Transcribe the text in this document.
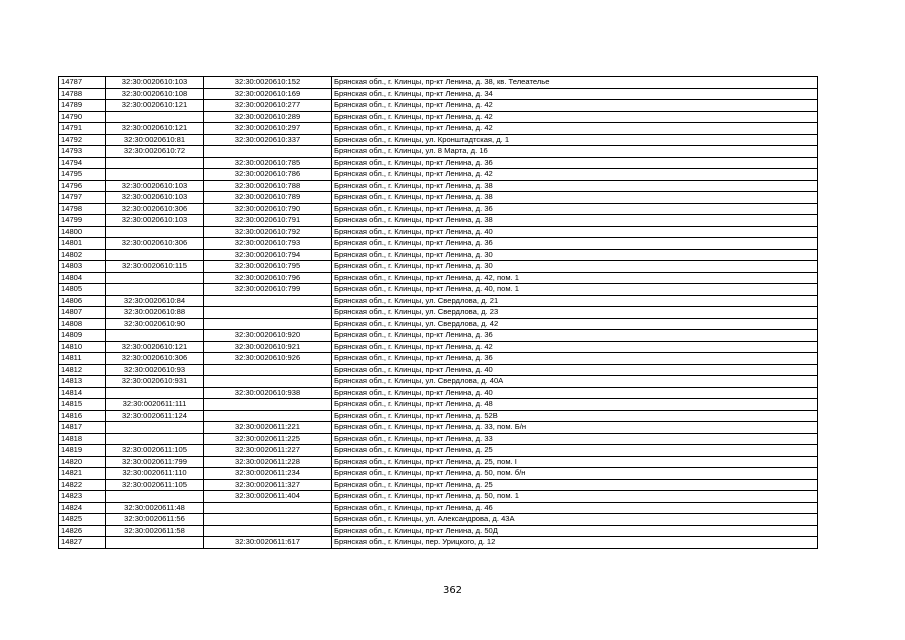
14787	32:30:0020610:103	32:30:0020610:152	Брянская обл., г. Клинцы, пр-кт Ленина, д. 38, кв. Телеателье
14788	32:30:0020610:108	32:30:0020610:169	Брянская обл., г. Клинцы, пр-кт Ленина, д. 34
14789	32:30:0020610:121	32:30:0020610:277	Брянская обл., г. Клинцы, пр-кт Ленина, д. 42
14790		32:30:0020610:289	Брянская обл., г. Клинцы, пр-кт Ленина, д. 42
14791	32:30:0020610:121	32:30:0020610:297	Брянская обл., г. Клинцы, пр-кт Ленина, д. 42
14792	32:30:0020610:81	32:30:0020610:337	Брянская обл., г. Клинцы, ул. Кронштадтская, д. 1
14793	32:30:0020610:72		Брянская обл., г. Клинцы, ул. 8 Марта, д. 16
14794		32:30:0020610:785	Брянская обл., г. Клинцы, пр-кт Ленина, д. 36
14795		32:30:0020610:786	Брянская обл., г. Клинцы, пр-кт Ленина, д. 42
14796	32:30:0020610:103	32:30:0020610:788	Брянская обл., г. Клинцы, пр-кт Ленина, д. 38
14797	32:30:0020610:103	32:30:0020610:789	Брянская обл., г. Клинцы, пр-кт Ленина, д. 38
14798	32:30:0020610:306	32:30:0020610:790	Брянская обл., г. Клинцы, пр-кт Ленина, д. 36
14799	32:30:0020610:103	32:30:0020610:791	Брянская обл., г. Клинцы, пр-кт Ленина, д. 38
14800		32:30:0020610:792	Брянская обл., г. Клинцы, пр-кт Ленина, д. 40
14801	32:30:0020610:306	32:30:0020610:793	Брянская обл., г. Клинцы, пр-кт Ленина, д. 36
14802		32:30:0020610:794	Брянская обл., г. Клинцы, пр-кт Ленина, д. 30
14803	32:30:0020610:115	32:30:0020610:795	Брянская обл., г. Клинцы, пр-кт Ленина, д. 30
14804		32:30:0020610:796	Брянская обл., г. Клинцы, пр-кт Ленина, д. 42, пом. 1
14805		32:30:0020610:799	Брянская обл., г. Клинцы, пр-кт Ленина, д. 40, пом. 1
14806	32:30:0020610:84		Брянская обл., г. Клинцы, ул. Свердлова, д. 21
14807	32:30:0020610:88		Брянская обл., г. Клинцы, ул. Свердлова, д. 23
14808	32:30:0020610:90		Брянская обл., г. Клинцы, ул. Свердлова, д. 42
14809		32:30:0020610:920	Брянская обл., г. Клинцы, пр-кт Ленина, д. 36
14810	32:30:0020610:121	32:30:0020610:921	Брянская обл., г. Клинцы, пр-кт Ленина, д. 42
14811	32:30:0020610:306	32:30:0020610:926	Брянская обл., г. Клинцы, пр-кт Ленина, д. 36
14812	32:30:0020610:93		Брянская обл., г. Клинцы, пр-кт Ленина, д. 40
14813	32:30:0020610:931		Брянская обл., г. Клинцы, ул. Свердлова, д. 40А
14814		32:30:0020610:938	Брянская обл., г. Клинцы, пр-кт Ленина, д. 40
14815	32:30:0020611:111		Брянская обл., г. Клинцы, пр-кт Ленина, д. 48
14816	32:30:0020611:124		Брянская обл., г. Клинцы, пр-кт Ленина, д. 52В
14817		32:30:0020611:221	Брянская обл., г. Клинцы, пр-кт Ленина, д. 33, пом. Б/н
14818		32:30:0020611:225	Брянская обл., г. Клинцы, пр-кт Ленина, д. 33
14819	32:30:0020611:105	32:30:0020611:227	Брянская обл., г. Клинцы, пр-кт Ленина, д. 25
14820	32:30:0020611:799	32:30:0020611:228	Брянская обл., г. Клинцы, пр-кт Ленина, д. 25, пом. I
14821	32:30:0020611:110	32:30:0020611:234	Брянская обл., г. Клинцы, пр-кт Ленина, д. 50, пом. б/н
14822	32:30:0020611:105	32:30:0020611:327	Брянская обл., г. Клинцы, пр-кт Ленина, д. 25
14823		32:30:0020611:404	Брянская обл., г. Клинцы, пр-кт Ленина, д. 50, пом. 1
14824	32:30:0020611:48		Брянская обл., г. Клинцы, пр-кт Ленина, д. 46
14825	32:30:0020611:56		Брянская обл., г. Клинцы, ул. Александрова, д. 43А
14826	32:30:0020611:58		Брянская обл., г. Клинцы, пр-кт Ленина, д. 50Д
14827		32:30:0020611:617	Брянская обл., г. Клинцы, пер. Урицкого, д. 12
362
